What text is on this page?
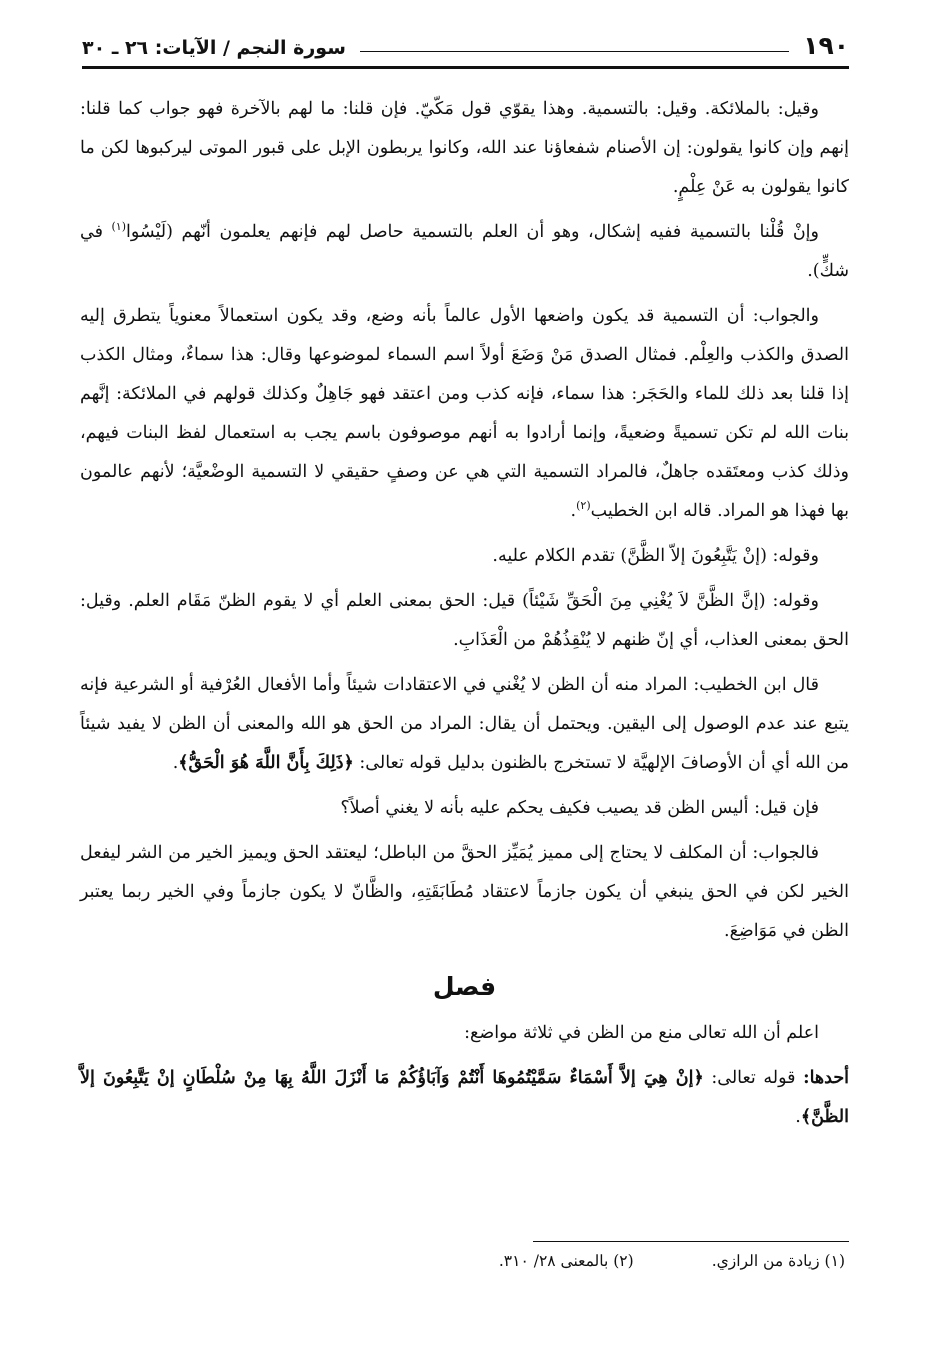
١٩٠
سورة النجم / الآيات: ٢٦ ـ ٣٠

وقيل: بالملائكة. وقيل: بالتسمية. وهذا يقوّي قول مَكّيّ. فإن قلنا: ما لهم بالآخرة فهو جواب كما قلنا: إنهم وإن كانوا يقولون: إن الأصنام شفعاؤنا عند الله، وكانوا يربطون الإبل على قبور الموتى ليركبوها لكن ما كانوا يقولون به عَنْ عِلْمٍ.

وإنْ قُلْنا بالتسمية ففيه إشكال، وهو أن العلم بالتسمية حاصل لهم فإنهم يعلمون أنّهم (لَيْسُوا$^{(١)}$ في شكٍّ).

والجواب: أن التسمية قد يكون واضعها الأول عالماً بأنه وضع، وقد يكون استعمالاً معنوياً يتطرق إليه الصدق والكذب والعِلْم. فمثال الصدق مَنْ وَضَعَ أولاً اسم السماء لموضوعها وقال: هذا سماءٌ، ومثال الكذب إذا قلنا بعد ذلك للماء والحَجَر: هذا سماء، فإنه كذب ومن اعتقد فهو جَاهِلٌ وكذلك قولهم في الملائكة: إنَّهم بنات الله لم تكن تسميةً وضعيةً، وإنما أرادوا به أنهم موصوفون باسم يجب به استعمال لفظ البنات فيهم، وذلك كذب ومعتَقده جاهلٌ، فالمراد التسمية التي هي عن وصفٍ حقيقي لا التسمية الوضْعيَّة؛ لأنهم عالمون بها فهذا هو المراد. قاله ابن الخطيب$^{(٢)}$.

وقوله: (إنْ يَتَّبِعُونَ إلاّ الظَّنَّ) تقدم الكلام عليه.

وقوله: (إنَّ الظَّنَّ لاَ يُغْنِي مِنَ الْحَقِّ شَيْئاً) قيل: الحق بمعنى العلم أي لا يقوم الظنّ مَقَام العلم. وقيل: الحق بمعنى العذاب، أي إنّ ظنهم لا يُنْقِذُهُمْ من الْعَذَابِ.

قال ابن الخطيب: المراد منه أن الظن لا يُغْني في الاعتقادات شيئاً وأما الأفعال العُرْفية أو الشرعية فإنه يتبع عند عدم الوصول إلى اليقين. ويحتمل أن يقال: المراد من الحق هو الله والمعنى أن الظن لا يفيد شيئاً من الله أي أن الأوصافَ الإلهيَّة لا تستخرج بالظنون بدليل قوله تعالى: ﴿ذَلِكَ بِأَنَّ اللَّهَ هُوَ الْحَقُّ﴾.

فإن قيل: أليس الظن قد يصيب فكيف يحكم عليه بأنه لا يغني أصلاً؟

فالجواب: أن المكلف لا يحتاج إلى مميز يُمَيِّز الحقَّ من الباطل؛ ليعتقد الحق ويميز الخير من الشر ليفعل الخير لكن في الحق ينبغي أن يكون جازماً لاعتقاد مُطَابَقَتِهِ، والظَّانّ لا يكون جازماً وفي الخير ربما يعتبر الظن في مَوَاضِعَ.

فصل

اعلم أن الله تعالى منع من الظن في ثلاثة مواضع:

أحدها: قوله تعالى: ﴿إنْ هِيَ إلاَّ أَسْمَاءٌ سَمَّيْتُمُوهَا أَنْتُمْ وَآبَاؤُكُمْ مَا أَنْزَلَ اللَّهُ بِهَا مِنْ سُلْطَانٍ إنْ يَتَّبِعُونَ إلاَّ الظَّنَّ﴾.

(١) زيادة من الرازي.
(٢) بالمعنى ٢٨/ ٣١٠.
